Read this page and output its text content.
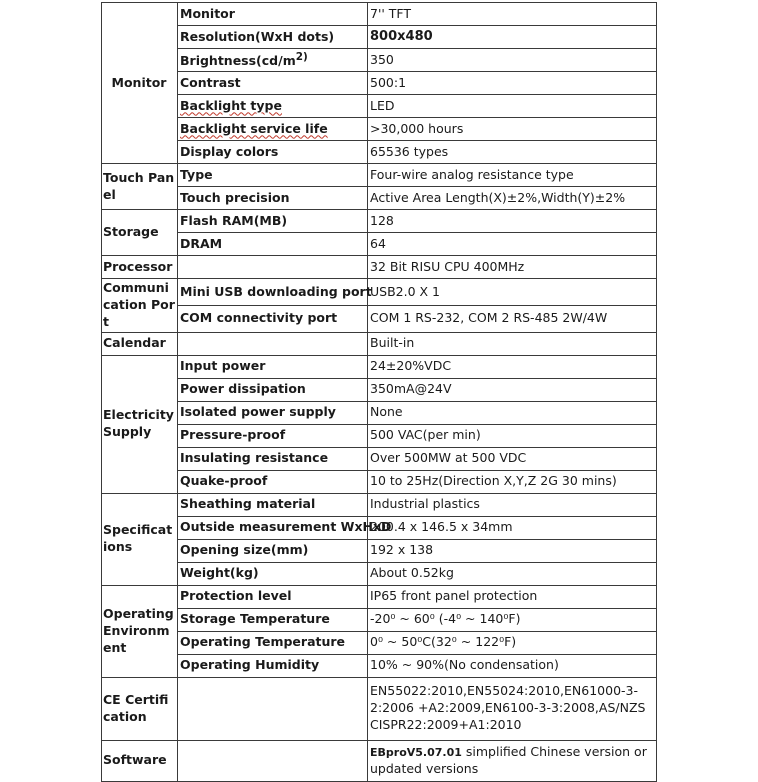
Monitor	Monitor	7'' TFT
	Resolution(WxH dots)	800x480
	$Brightness(cd/m^{2)}$	350
	Contrast	500:1
	Backlight type	LED
	Backlight service life	>30,000 hours
	Display colors	65536 types
Touch Panel	Type	Four-wire analog resistance type
	Touch precision	Active Area Length(X)±2%,Width(Y)±2%
Storage	Flash RAM(MB)	128
	DRAM	64
Processor		32 Bit RISU CPU 400MHz
Communication Port	Mini USB downloading port	USB2.0 X 1
	COM connectivity port	COM 1 RS-232, COM 2 RS-485 2W/4W
Calendar		Built-in
Electricity Supply	Input power	24±20%VDC
	Power dissipation	350mA@24V
	Isolated power supply	None
	Pressure-proof	500 VAC(per min)
	Insulating resistance	Over 500MW at 500 VDC
	Quake-proof	10 to 25Hz(Direction X,Y,Z 2G 30 mins)
Specifications	Sheathing material	Industrial plastics
	Outside measurement WxHxD	200.4 x 146.5 x 34mm
	Opening size(mm)	192 x 138
	Weight(kg)	About 0.52kg
Operating Environment	Protection level	IP65 front panel protection
	Storage Temperature	-20⁰ ~ 60⁰ (-4⁰ ~ 140⁰F)
	Operating Temperature	0⁰ ~ 50⁰C(32⁰ ~ 122⁰F)
	Operating Humidity	10% ~ 90%(No condensation)
CE Certification		EN55022:2010,EN55024:2010,EN61000-3-2:2006 +A2:2009,EN6100-3-3:2008,AS/NZS CISPR22:2009+A1:2010
Software		EBproV5.07.01 simplified Chinese version or updated versions
